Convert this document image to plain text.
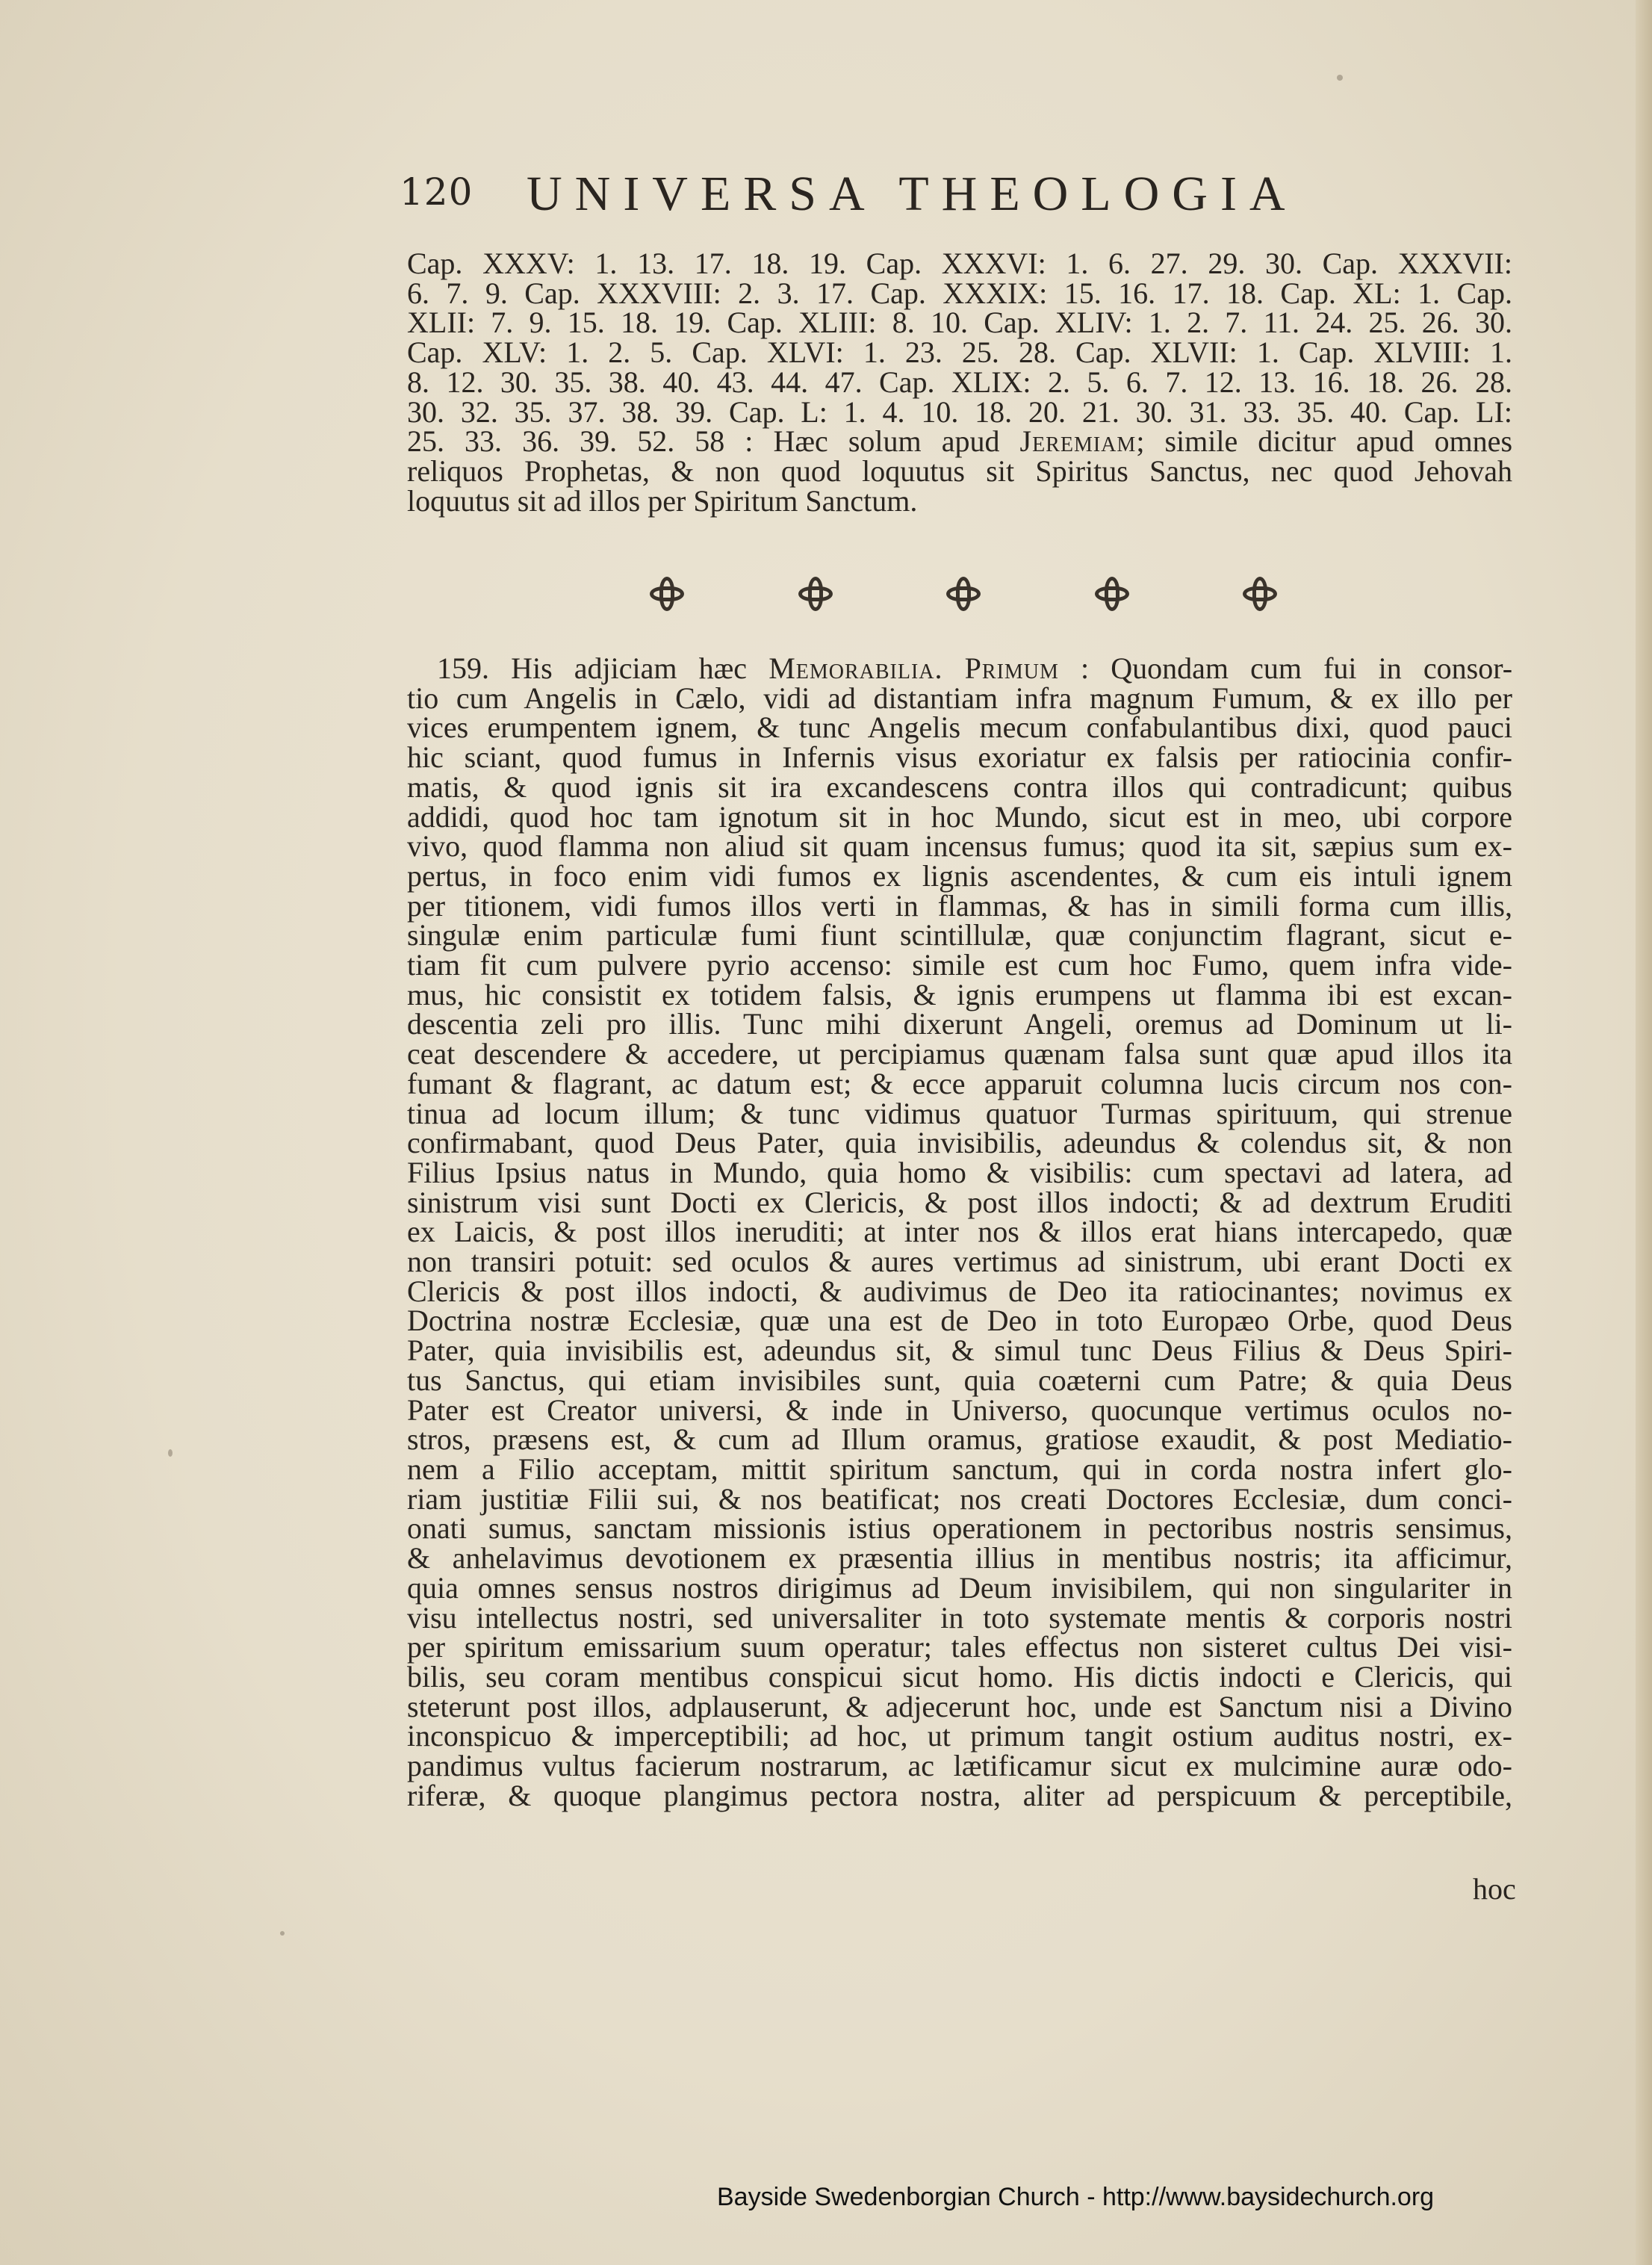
120 UNIVERSA THEOLOGIA
Cap. XXXV: 1. 13. 17. 18. 19. Cap. XXXVI: 1. 6. 27. 29. 30. Cap. XXXVII:
6. 7. 9. Cap. XXXVIII: 2. 3. 17. Cap. XXXIX: 15. 16. 17. 18. Cap. XL: 1. Cap.
XLII: 7. 9. 15. 18. 19. Cap. XLIII: 8. 10. Cap. XLIV: 1. 2. 7. 11. 24. 25. 26. 30.
Cap. XLV: 1. 2. 5. Cap. XLVI: 1. 23. 25. 28. Cap. XLVII: 1. Cap. XLVIII: 1.
8. 12. 30. 35. 38. 40. 43. 44. 47. Cap. XLIX: 2. 5. 6. 7. 12. 13. 16. 18. 26. 28.
30. 32. 35. 37. 38. 39. Cap. L: 1. 4. 10. 18. 20. 21. 30. 31. 33. 35. 40. Cap. LI:
25. 33. 36. 39. 52. 58 : Hæc solum apud Jeremiam; simile dicitur apud omnes
reliquos Prophetas, & non quod loquutus sit Spiritus Sanctus, nec quod Jehovah
loquutus sit ad illos per Spiritum Sanctum.
159. His adjiciam hæc Memorabilia. Primum : Quondam cum fui in consor-
tio cum Angelis in Cælo, vidi ad distantiam infra magnum Fumum, & ex illo per
vices erumpentem ignem, & tunc Angelis mecum confabulantibus dixi, quod pauci
hic sciant, quod fumus in Infernis visus exoriatur ex falsis per ratiocinia confir-
matis, & quod ignis sit ira excandescens contra illos qui contradicunt; quibus
addidi, quod hoc tam ignotum sit in hoc Mundo, sicut est in meo, ubi corpore
vivo, quod flamma non aliud sit quam incensus fumus; quod ita sit, sæpius sum ex-
pertus, in foco enim vidi fumos ex lignis ascendentes, & cum eis intuli ignem
per titionem, vidi fumos illos verti in flammas, & has in simili forma cum illis,
singulæ enim particulæ fumi fiunt scintillulæ, quæ conjunctim flagrant, sicut e-
tiam fit cum pulvere pyrio accenso: simile est cum hoc Fumo, quem infra vide-
mus, hic consistit ex totidem falsis, & ignis erumpens ut flamma ibi est excan-
descentia zeli pro illis. Tunc mihi dixerunt Angeli, oremus ad Dominum ut li-
ceat descendere & accedere, ut percipiamus quænam falsa sunt quæ apud illos ita
fumant & flagrant, ac datum est; & ecce apparuit columna lucis circum nos con-
tinua ad locum illum; & tunc vidimus quatuor Turmas spirituum, qui strenue
confirmabant, quod Deus Pater, quia invisibilis, adeundus & colendus sit, & non
Filius Ipsius natus in Mundo, quia homo & visibilis: cum spectavi ad latera, ad
sinistrum visi sunt Docti ex Clericis, & post illos indocti; & ad dextrum Eruditi
ex Laicis, & post illos ineruditi; at inter nos & illos erat hians intercapedo, quæ
non transiri potuit: sed oculos & aures vertimus ad sinistrum, ubi erant Docti ex
Clericis & post illos indocti, & audivimus de Deo ita ratiocinantes; novimus ex
Doctrina nostræ Ecclesiæ, quæ una est de Deo in toto Europæo Orbe, quod Deus
Pater, quia invisibilis est, adeundus sit, & simul tunc Deus Filius & Deus Spiri-
tus Sanctus, qui etiam invisibiles sunt, quia coæterni cum Patre; & quia Deus
Pater est Creator universi, & inde in Universo, quocunque vertimus oculos no-
stros, præsens est, & cum ad Illum oramus, gratiose exaudit, & post Mediatio-
nem a Filio acceptam, mittit spiritum sanctum, qui in corda nostra infert glo-
riam justitiæ Filii sui, & nos beatificat; nos creati Doctores Ecclesiæ, dum conci-
onati sumus, sanctam missionis istius operationem in pectoribus nostris sensimus,
& anhelavimus devotionem ex præsentia illius in mentibus nostris; ita afficimur,
quia omnes sensus nostros dirigimus ad Deum invisibilem, qui non singulariter in
visu intellectus nostri, sed universaliter in toto systemate mentis & corporis nostri
per spiritum emissarium suum operatur; tales effectus non sisteret cultus Dei visi-
bilis, seu coram mentibus conspicui sicut homo. His dictis indocti e Clericis, qui
steterunt post illos, adplauserunt, & adjecerunt hoc, unde est Sanctum nisi a Divino
inconspicuo & imperceptibili; ad hoc, ut primum tangit ostium auditus nostri, ex-
pandimus vultus facierum nostrarum, ac lætificamur sicut ex mulcimine auræ odo-
riferæ, & quoque plangimus pectora nostra, aliter ad perspicuum & perceptibile,
hoc
Bayside Swedenborgian Church - http://www.baysidechurch.org
